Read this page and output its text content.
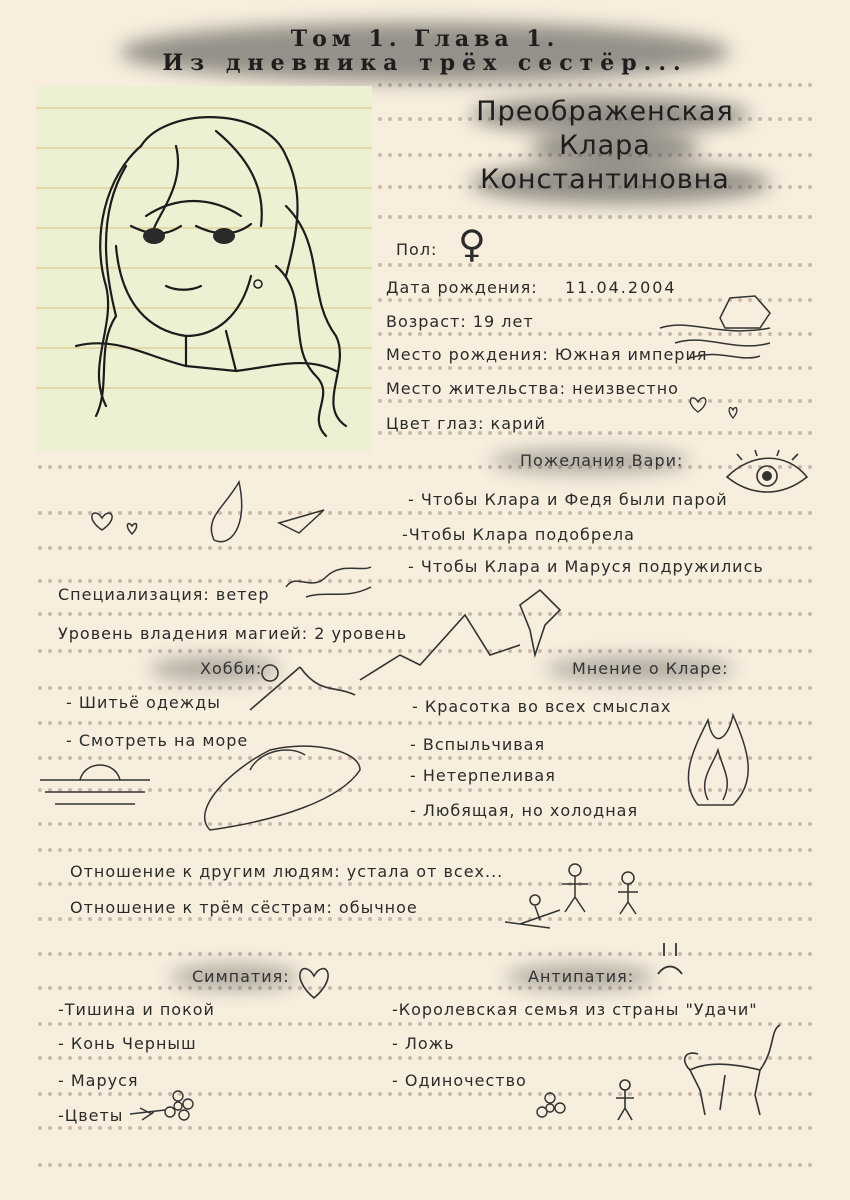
Том 1. Глава 1.
Из дневника трёх сестёр...
Преображенская
Клара
Константиновна
Пол: ♀
Дата рождения: 11.04.2004
Возраст: 19 лет
Место рождения: Южная империя
Место жительства: неизвестно
Цвет глаз: карий
Пожелания Вари:
- Чтобы Клара и Федя были парой
-Чтобы Клара подобрела
- Чтобы Клара и Маруся подружились
Специализация: ветер
Уровень владения магией: 2 уровень
Хобби:
- Шитьё одежды
- Смотреть на море
Мнение о Кларе:
- Красотка во всех смыслах
- Вспыльчивая
- Нетерпеливая
- Любящая, но холодная
Отношение к другим людям: устала от всех...
Отношение к трём сёстрам: обычное
Симпатия:
-Тишина и покой
- Конь Черныш
- Маруся
-Цветы
Антипатия:
-Королевская семья из страны "Удачи"
- Ложь
- Одиночество
